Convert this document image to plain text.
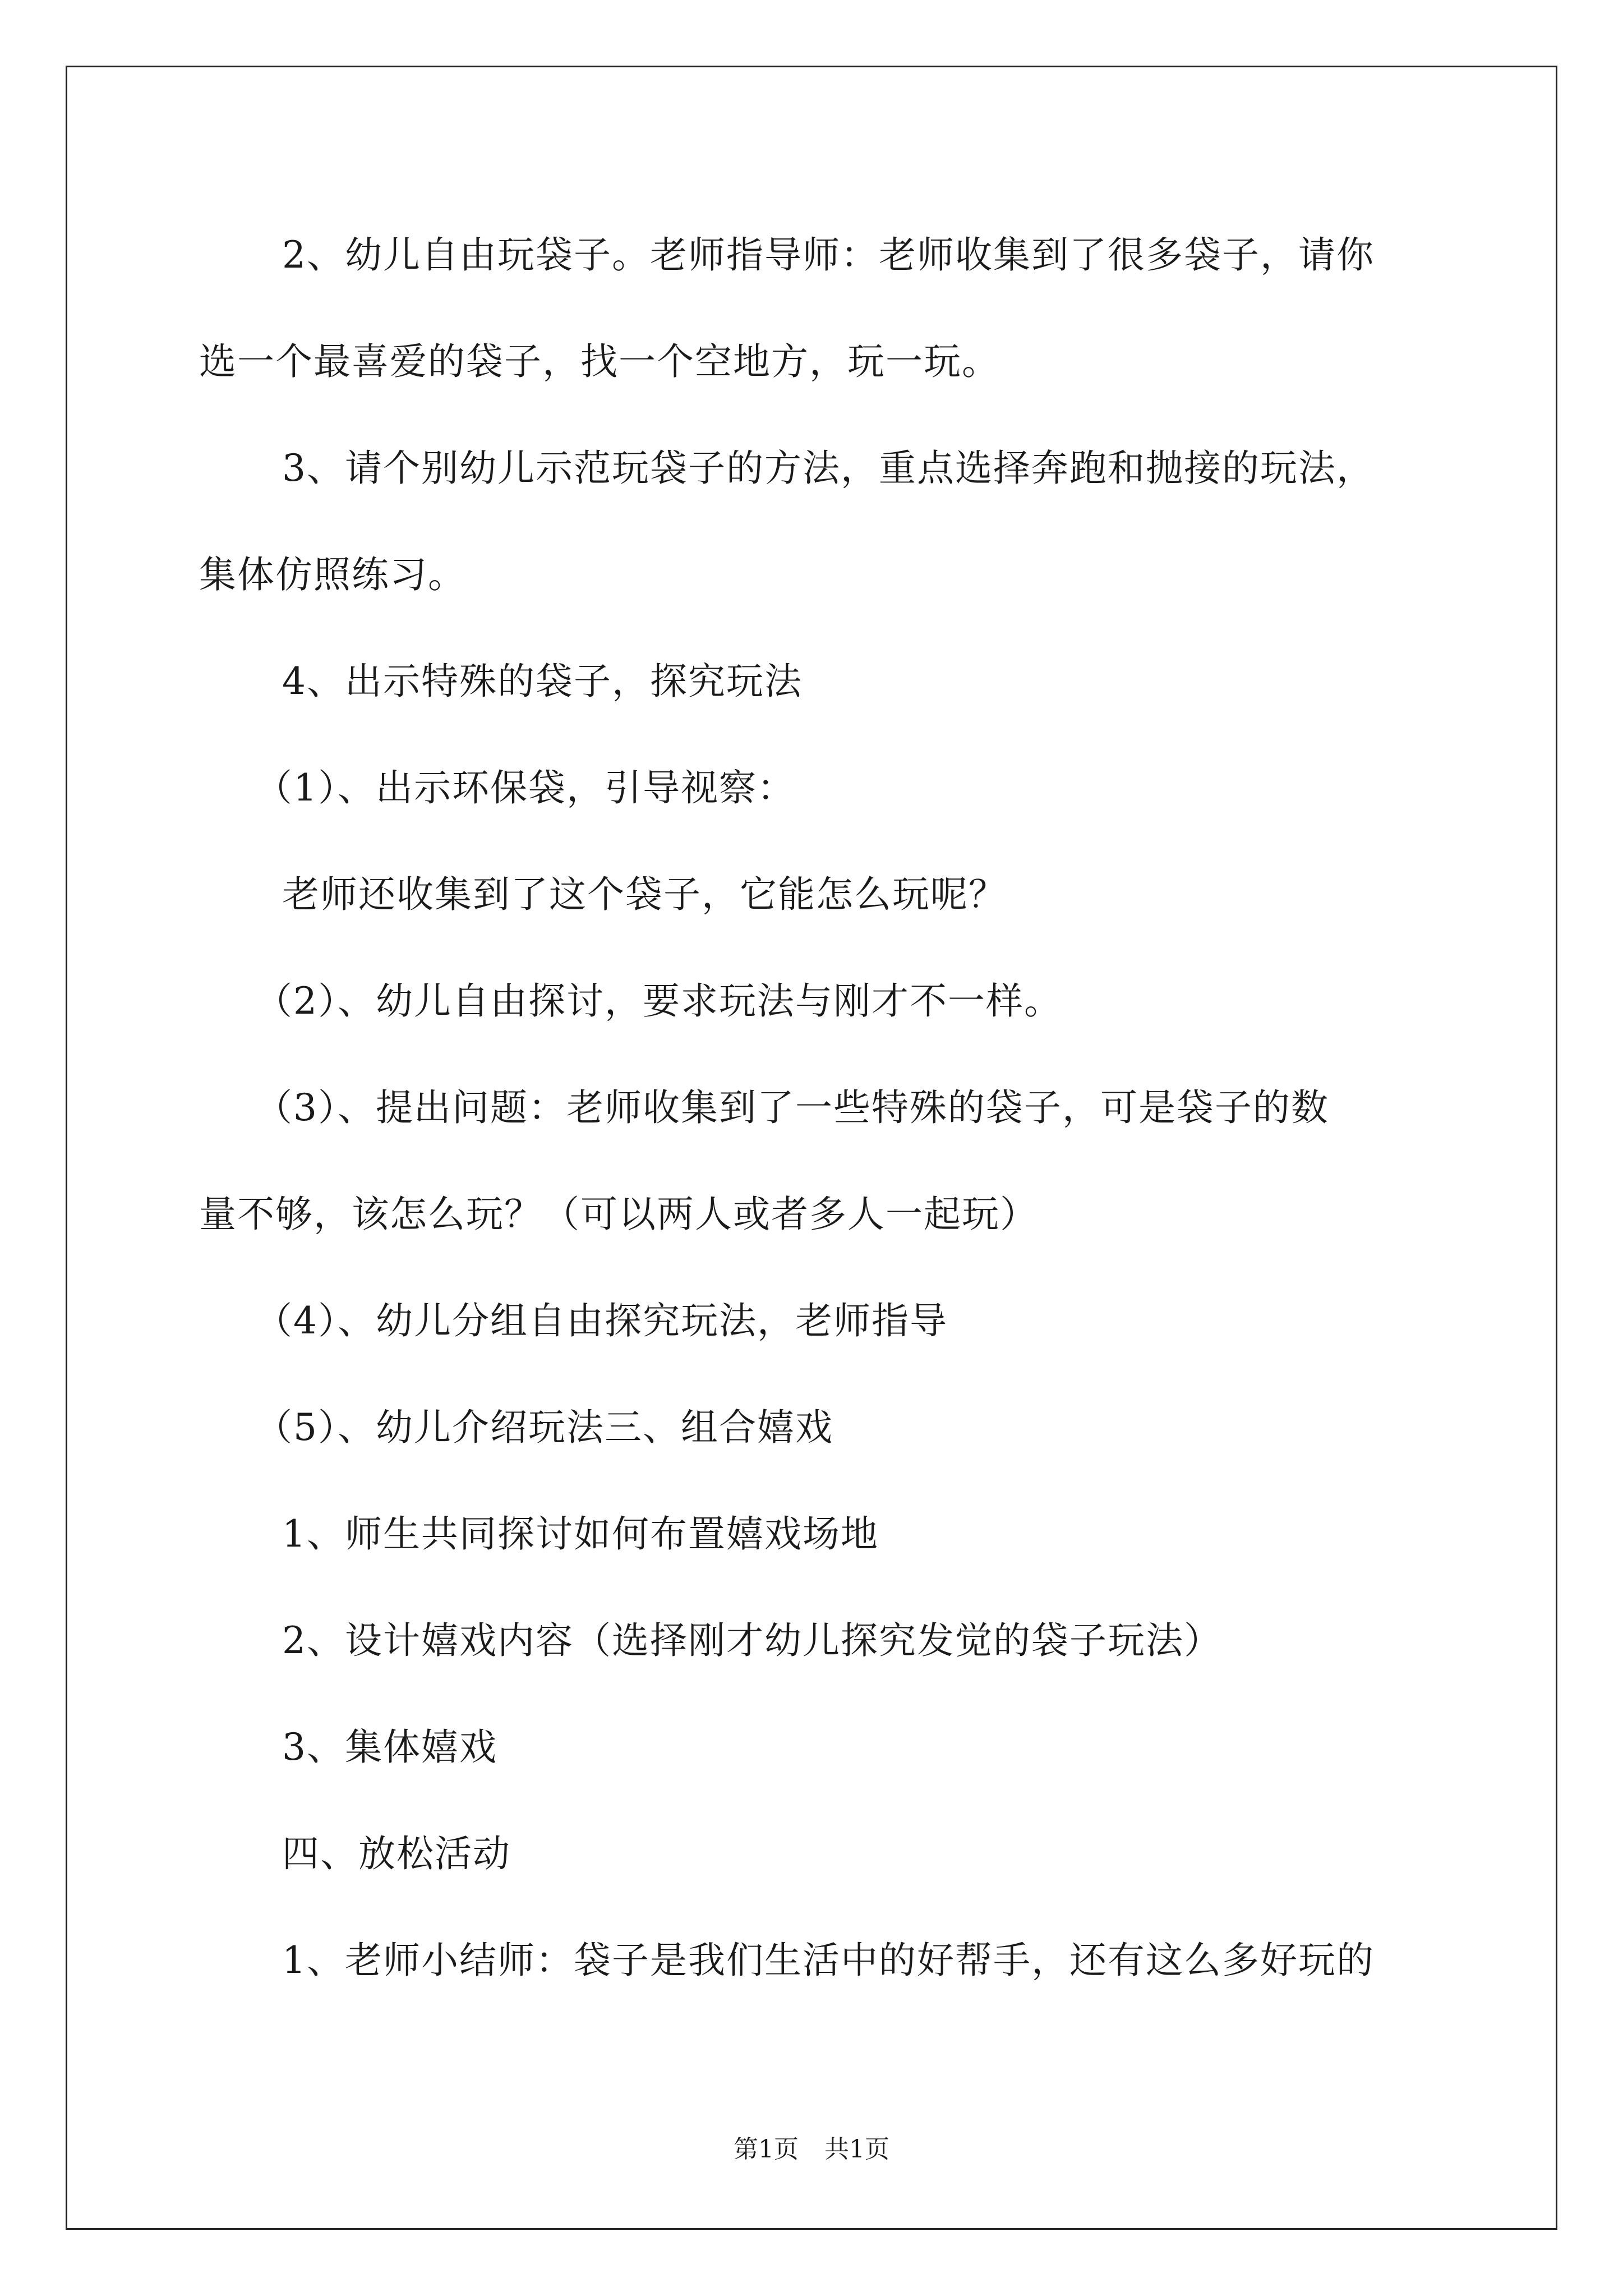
2、幼儿自由玩袋子。老师指导师：老师收集到了很多袋子，请你

选一个最喜爱的袋子，找一个空地方，玩一玩。

3、请个别幼儿示范玩袋子的方法，重点选择奔跑和抛接的玩法，

集体仿照练习。

4、出示特殊的袋子，探究玩法

（1）、出示环保袋，引导视察：

老师还收集到了这个袋子，它能怎么玩呢？

（2）、幼儿自由探讨，要求玩法与刚才不一样。

（3）、提出问题：老师收集到了一些特殊的袋子，可是袋子的数

量不够，该怎么玩？（可以两人或者多人一起玩）

（4）、幼儿分组自由探究玩法，老师指导

（5）、幼儿介绍玩法三、组合嬉戏

1、师生共同探讨如何布置嬉戏场地

2、设计嬉戏内容（选择刚才幼儿探究发觉的袋子玩法）

3、集体嬉戏

四、放松活动

1、老师小结师：袋子是我们生活中的好帮手，还有这么多好玩的

第1页 共1页
